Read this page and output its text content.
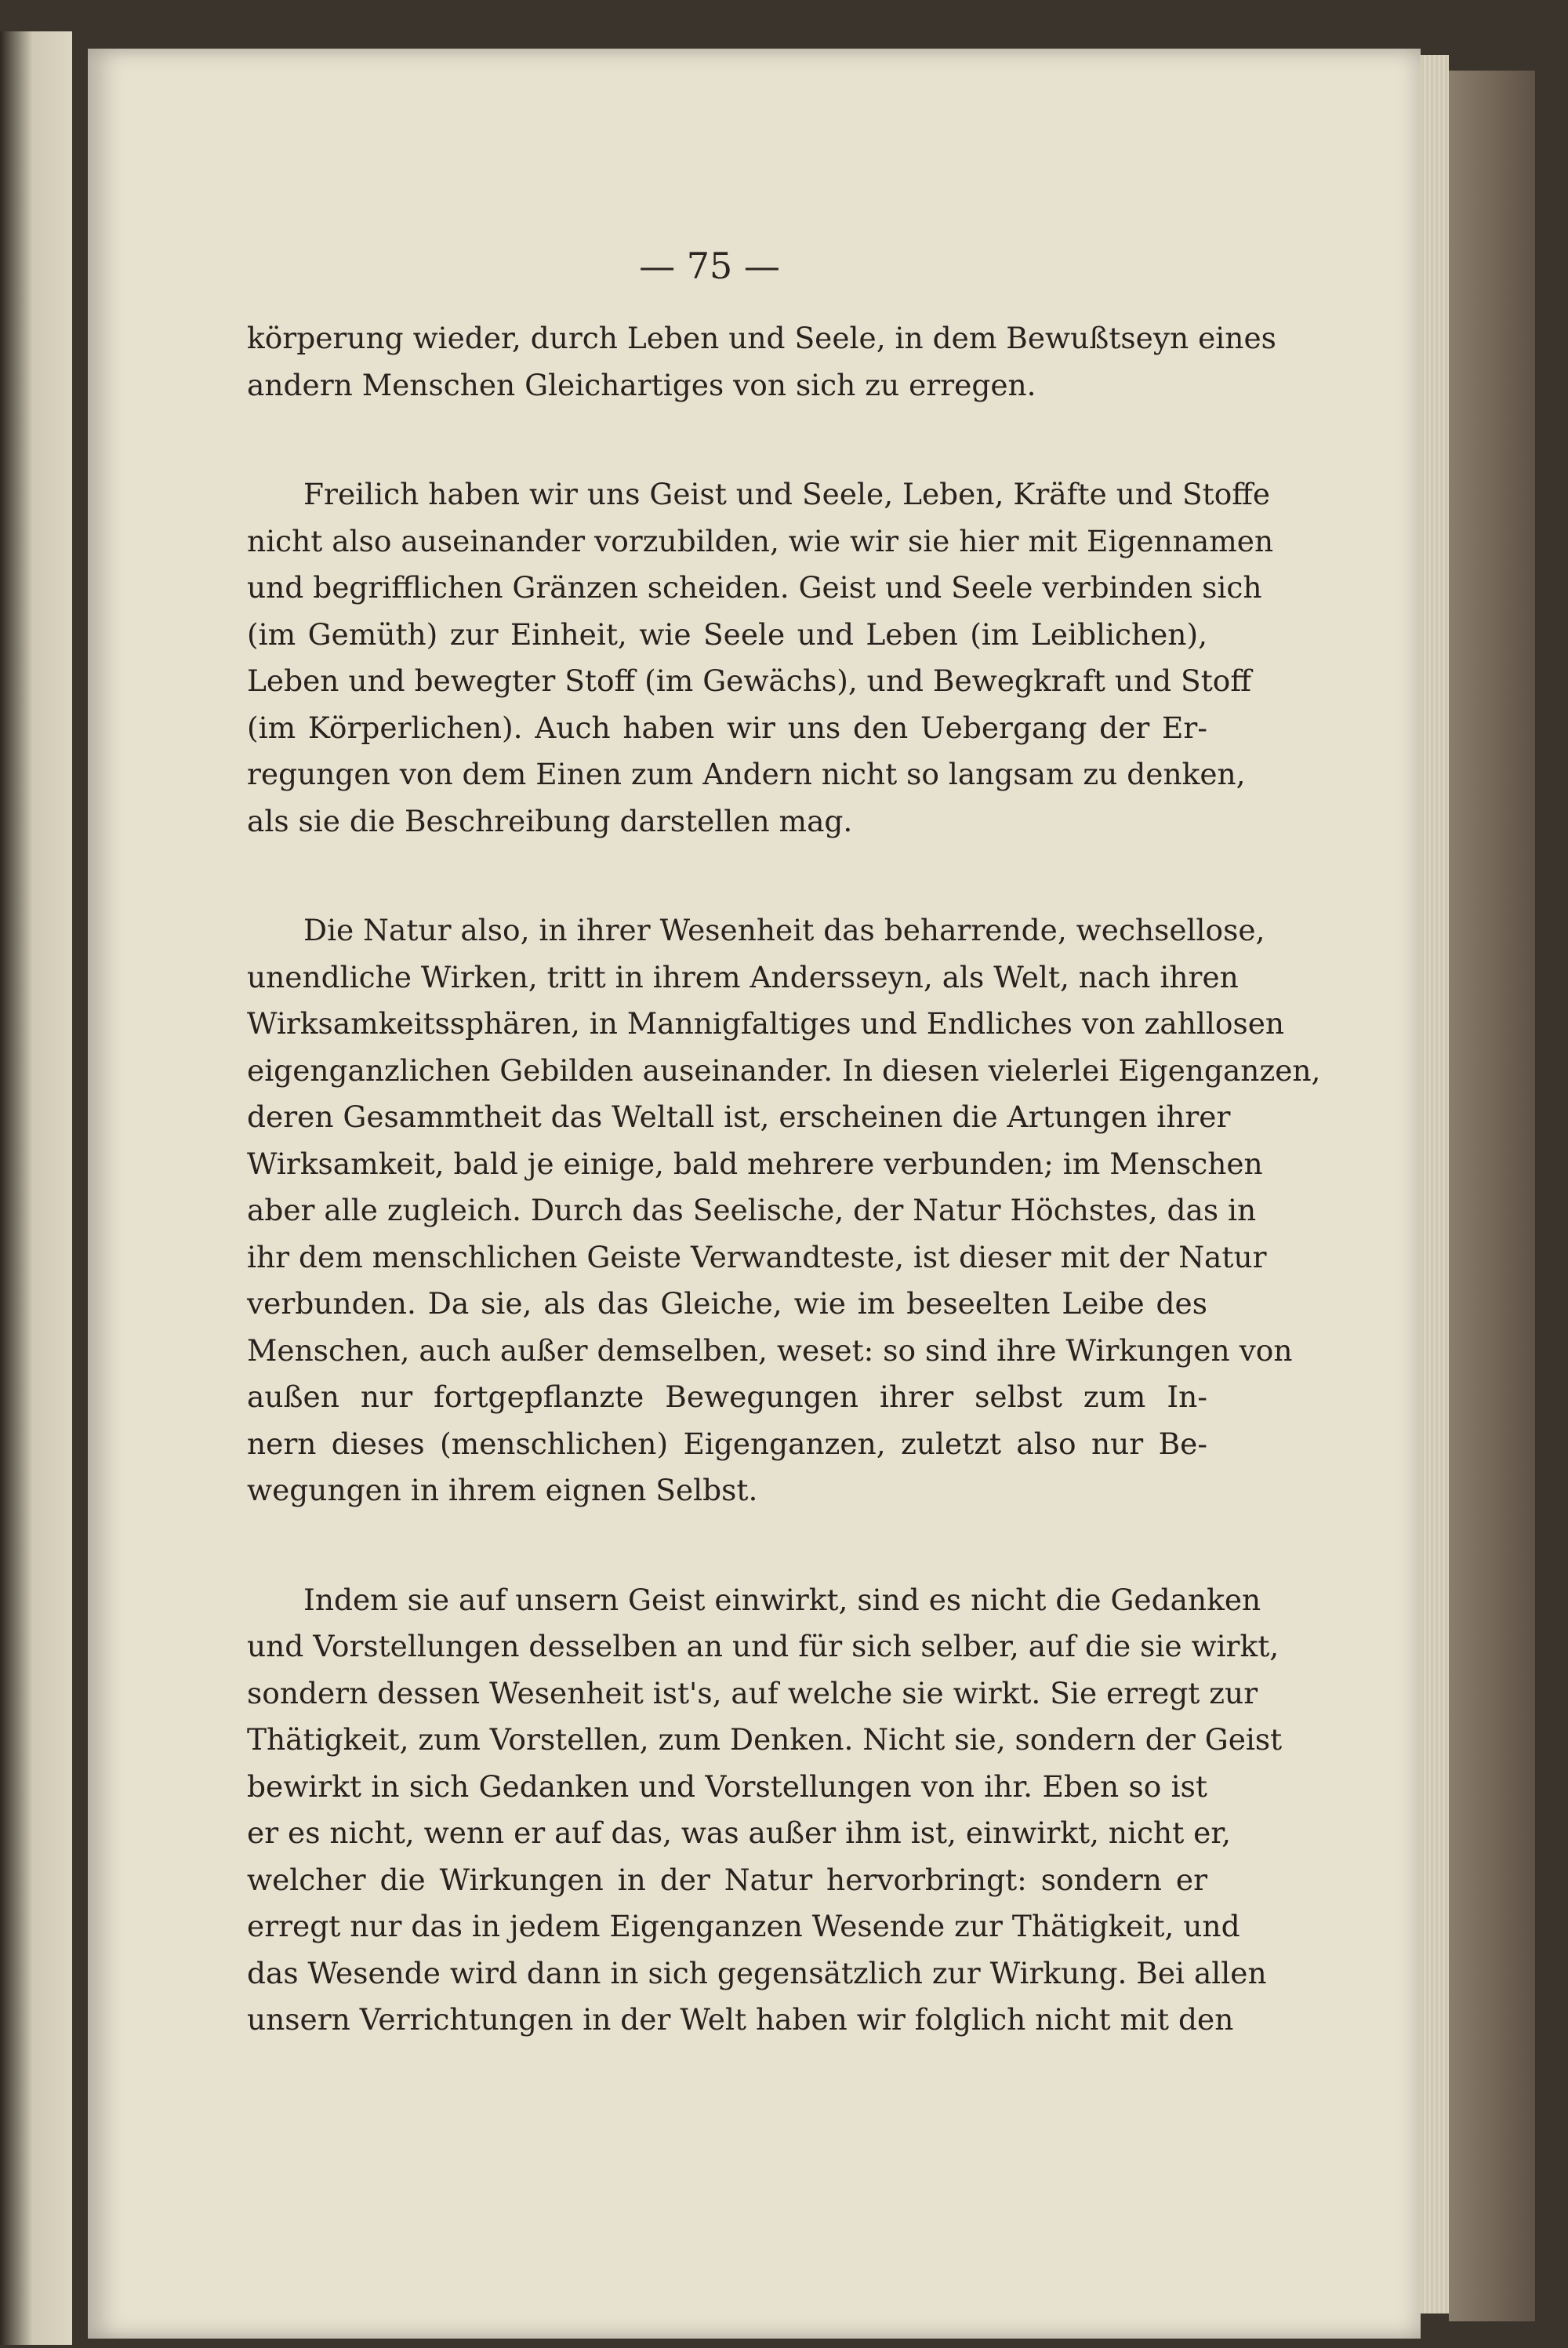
— 75 —
körperung wieder, durch Leben und Seele, in dem Bewußtseyn eines
andern Menschen Gleichartiges von sich zu erregen.
Freilich haben wir uns Geist und Seele, Leben, Kräfte und Stoffe
nicht also auseinander vorzubilden, wie wir sie hier mit Eigennamen
und begrifflichen Gränzen scheiden. Geist und Seele verbinden sich
(im Gemüth) zur Einheit, wie Seele und Leben (im Leiblichen),
Leben und bewegter Stoff (im Gewächs), und Bewegkraft und Stoff
(im Körperlichen). Auch haben wir uns den Uebergang der Er-
regungen von dem Einen zum Andern nicht so langsam zu denken,
als sie die Beschreibung darstellen mag.
Die Natur also, in ihrer Wesenheit das beharrende, wechsellose,
unendliche Wirken, tritt in ihrem Andersseyn, als Welt, nach ihren
Wirksamkeitssphären, in Mannigfaltiges und Endliches von zahllosen
eigenganzlichen Gebilden auseinander. In diesen vielerlei Eigenganzen,
deren Gesammtheit das Weltall ist, erscheinen die Artungen ihrer
Wirksamkeit, bald je einige, bald mehrere verbunden; im Menschen
aber alle zugleich. Durch das Seelische, der Natur Höchstes, das in
ihr dem menschlichen Geiste Verwandteste, ist dieser mit der Natur
verbunden. Da sie, als das Gleiche, wie im beseelten Leibe des
Menschen, auch außer demselben, weset: so sind ihre Wirkungen von
außen nur fortgepflanzte Bewegungen ihrer selbst zum In-
nern dieses (menschlichen) Eigenganzen, zuletzt also nur Be-
wegungen in ihrem eignen Selbst.
Indem sie auf unsern Geist einwirkt, sind es nicht die Gedanken
und Vorstellungen desselben an und für sich selber, auf die sie wirkt,
sondern dessen Wesenheit ist's, auf welche sie wirkt. Sie erregt zur
Thätigkeit, zum Vorstellen, zum Denken. Nicht sie, sondern der Geist
bewirkt in sich Gedanken und Vorstellungen von ihr. Eben so ist
er es nicht, wenn er auf das, was außer ihm ist, einwirkt, nicht er,
welcher die Wirkungen in der Natur hervorbringt: sondern er
erregt nur das in jedem Eigenganzen Wesende zur Thätigkeit, und
das Wesende wird dann in sich gegensätzlich zur Wirkung. Bei allen
unsern Verrichtungen in der Welt haben wir folglich nicht mit den
